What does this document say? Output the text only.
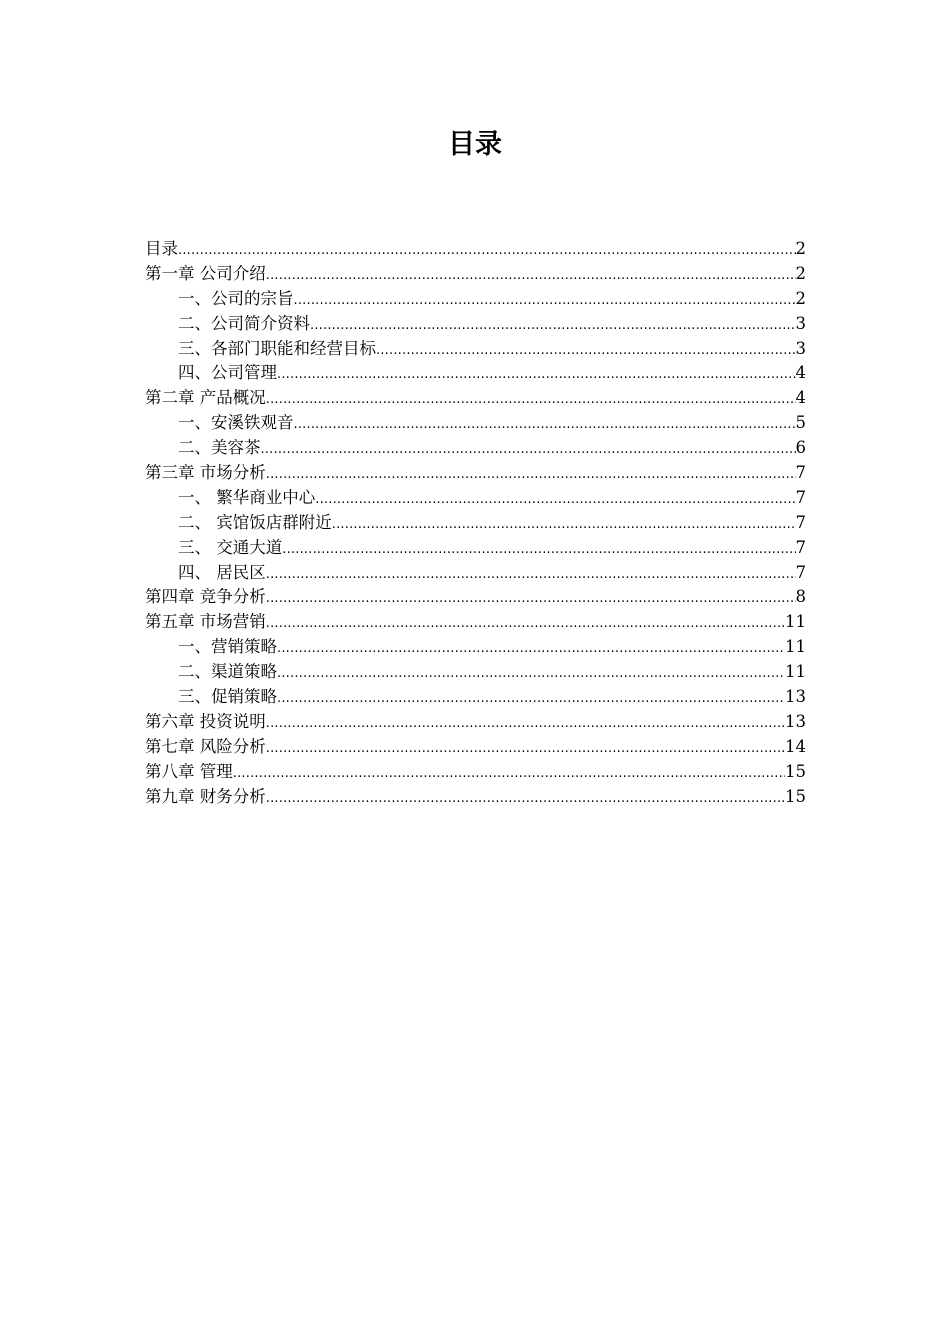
目录
目录 .....	2
第一章 公司介绍 .....	2
一、公司的宗旨 .....	2
二、公司简介资料 .....	3
三、各部门职能和经营目标 .....	3
四、公司管理 .....	4
第二章 产品概况 .....	4
一、安溪铁观音 .....	5
二、美容茶 .....	6
第三章 市场分析 .....	7
一、 繁华商业中心 .....	7
二、 宾馆饭店群附近 .....	7
三、 交通大道 .....	7
四、 居民区 .....	7
第四章 竞争分析 .....	8
第五章 市场营销 .....	11
一、营销策略 .....	11
二、渠道策略 .....	11
三、促销策略 .....	13
第六章 投资说明 .....	13
第七章 风险分析 .....	14
第八章 管理 .....	15
第九章 财务分析 .....	15
